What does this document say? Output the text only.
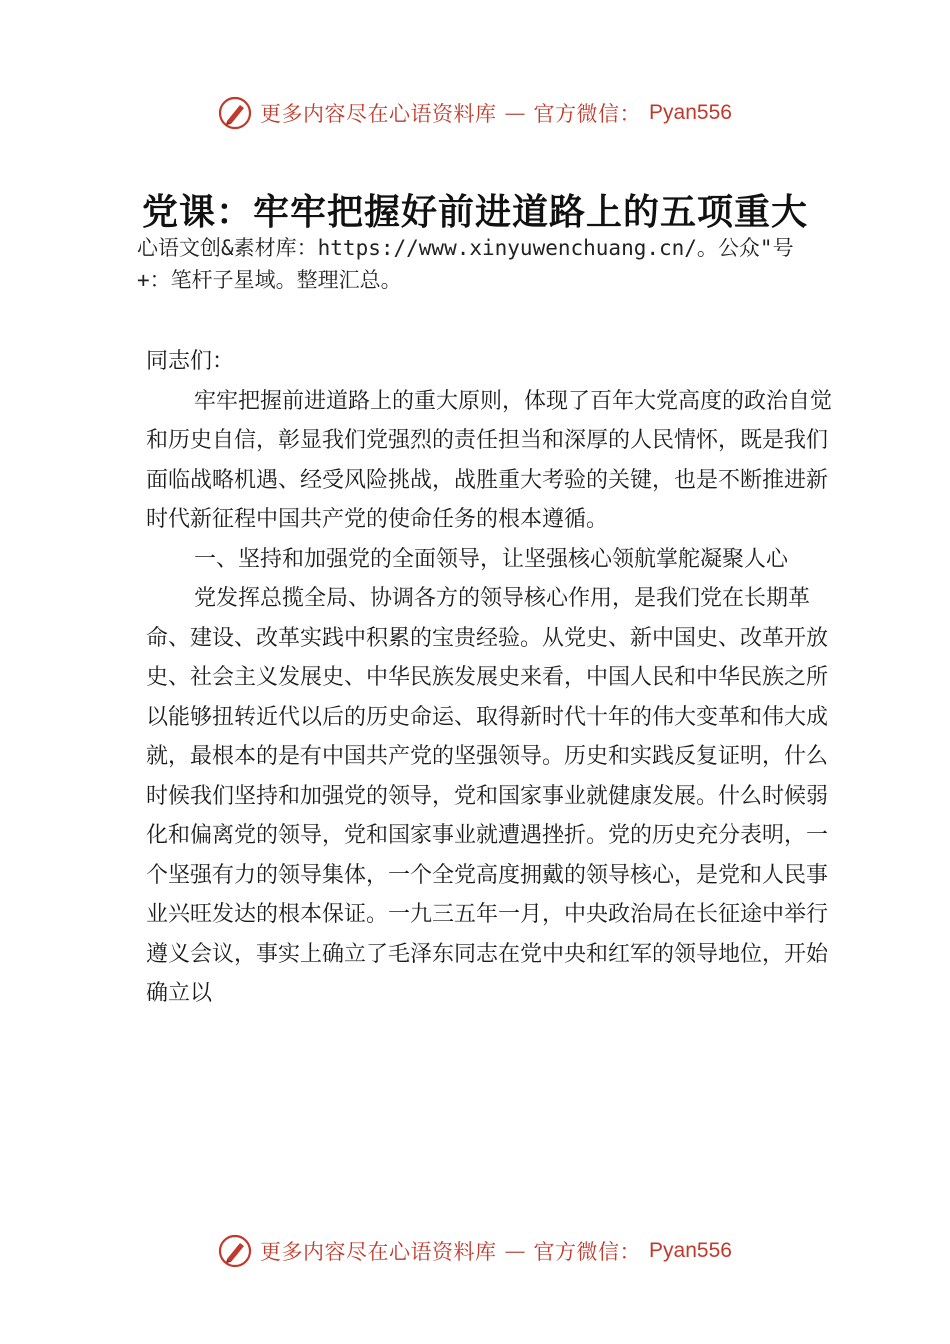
更多内容尽在心语资料库 — 官方微信： Pyan556
党课：牢牢把握好前进道路上的五项重大

心语文创&素材库：https://www.xinyuwenchuang.cn/。公众"号+：笔杆子星域。整理汇总。

同志们：

牢牢把握前进道路上的重大原则，体现了百年大党高度的政治自觉和历史自信，彰显我们党强烈的责任担当和深厚的人民情怀，既是我们面临战略机遇、经受风险挑战，战胜重大考验的关键，也是不断推进新时代新征程中国共产党的使命任务的根本遵循。

一、坚持和加强党的全面领导，让坚强核心领航掌舵凝聚人心

党发挥总揽全局、协调各方的领导核心作用，是我们党在长期革命、建设、改革实践中积累的宝贵经验。从党史、新中国史、改革开放史、社会主义发展史、中华民族发展史来看，中国人民和中华民族之所以能够扭转近代以后的历史命运、取得新时代十年的伟大变革和伟大成就，最根本的是有中国共产党的坚强领导。历史和实践反复证明，什么时候我们坚持和加强党的领导，党和国家事业就健康发展。什么时候弱化和偏离党的领导，党和国家事业就遭遇挫折。党的历史充分表明，一个坚强有力的领导集体，一个全党高度拥戴的领导核心，是党和人民事业兴旺发达的根本保证。一九三五年一月，中央政治局在长征途中举行遵义会议，事实上确立了毛泽东同志在党中央和红军的领导地位，开始确立以

更多内容尽在心语资料库 — 官方微信： Pyan556
